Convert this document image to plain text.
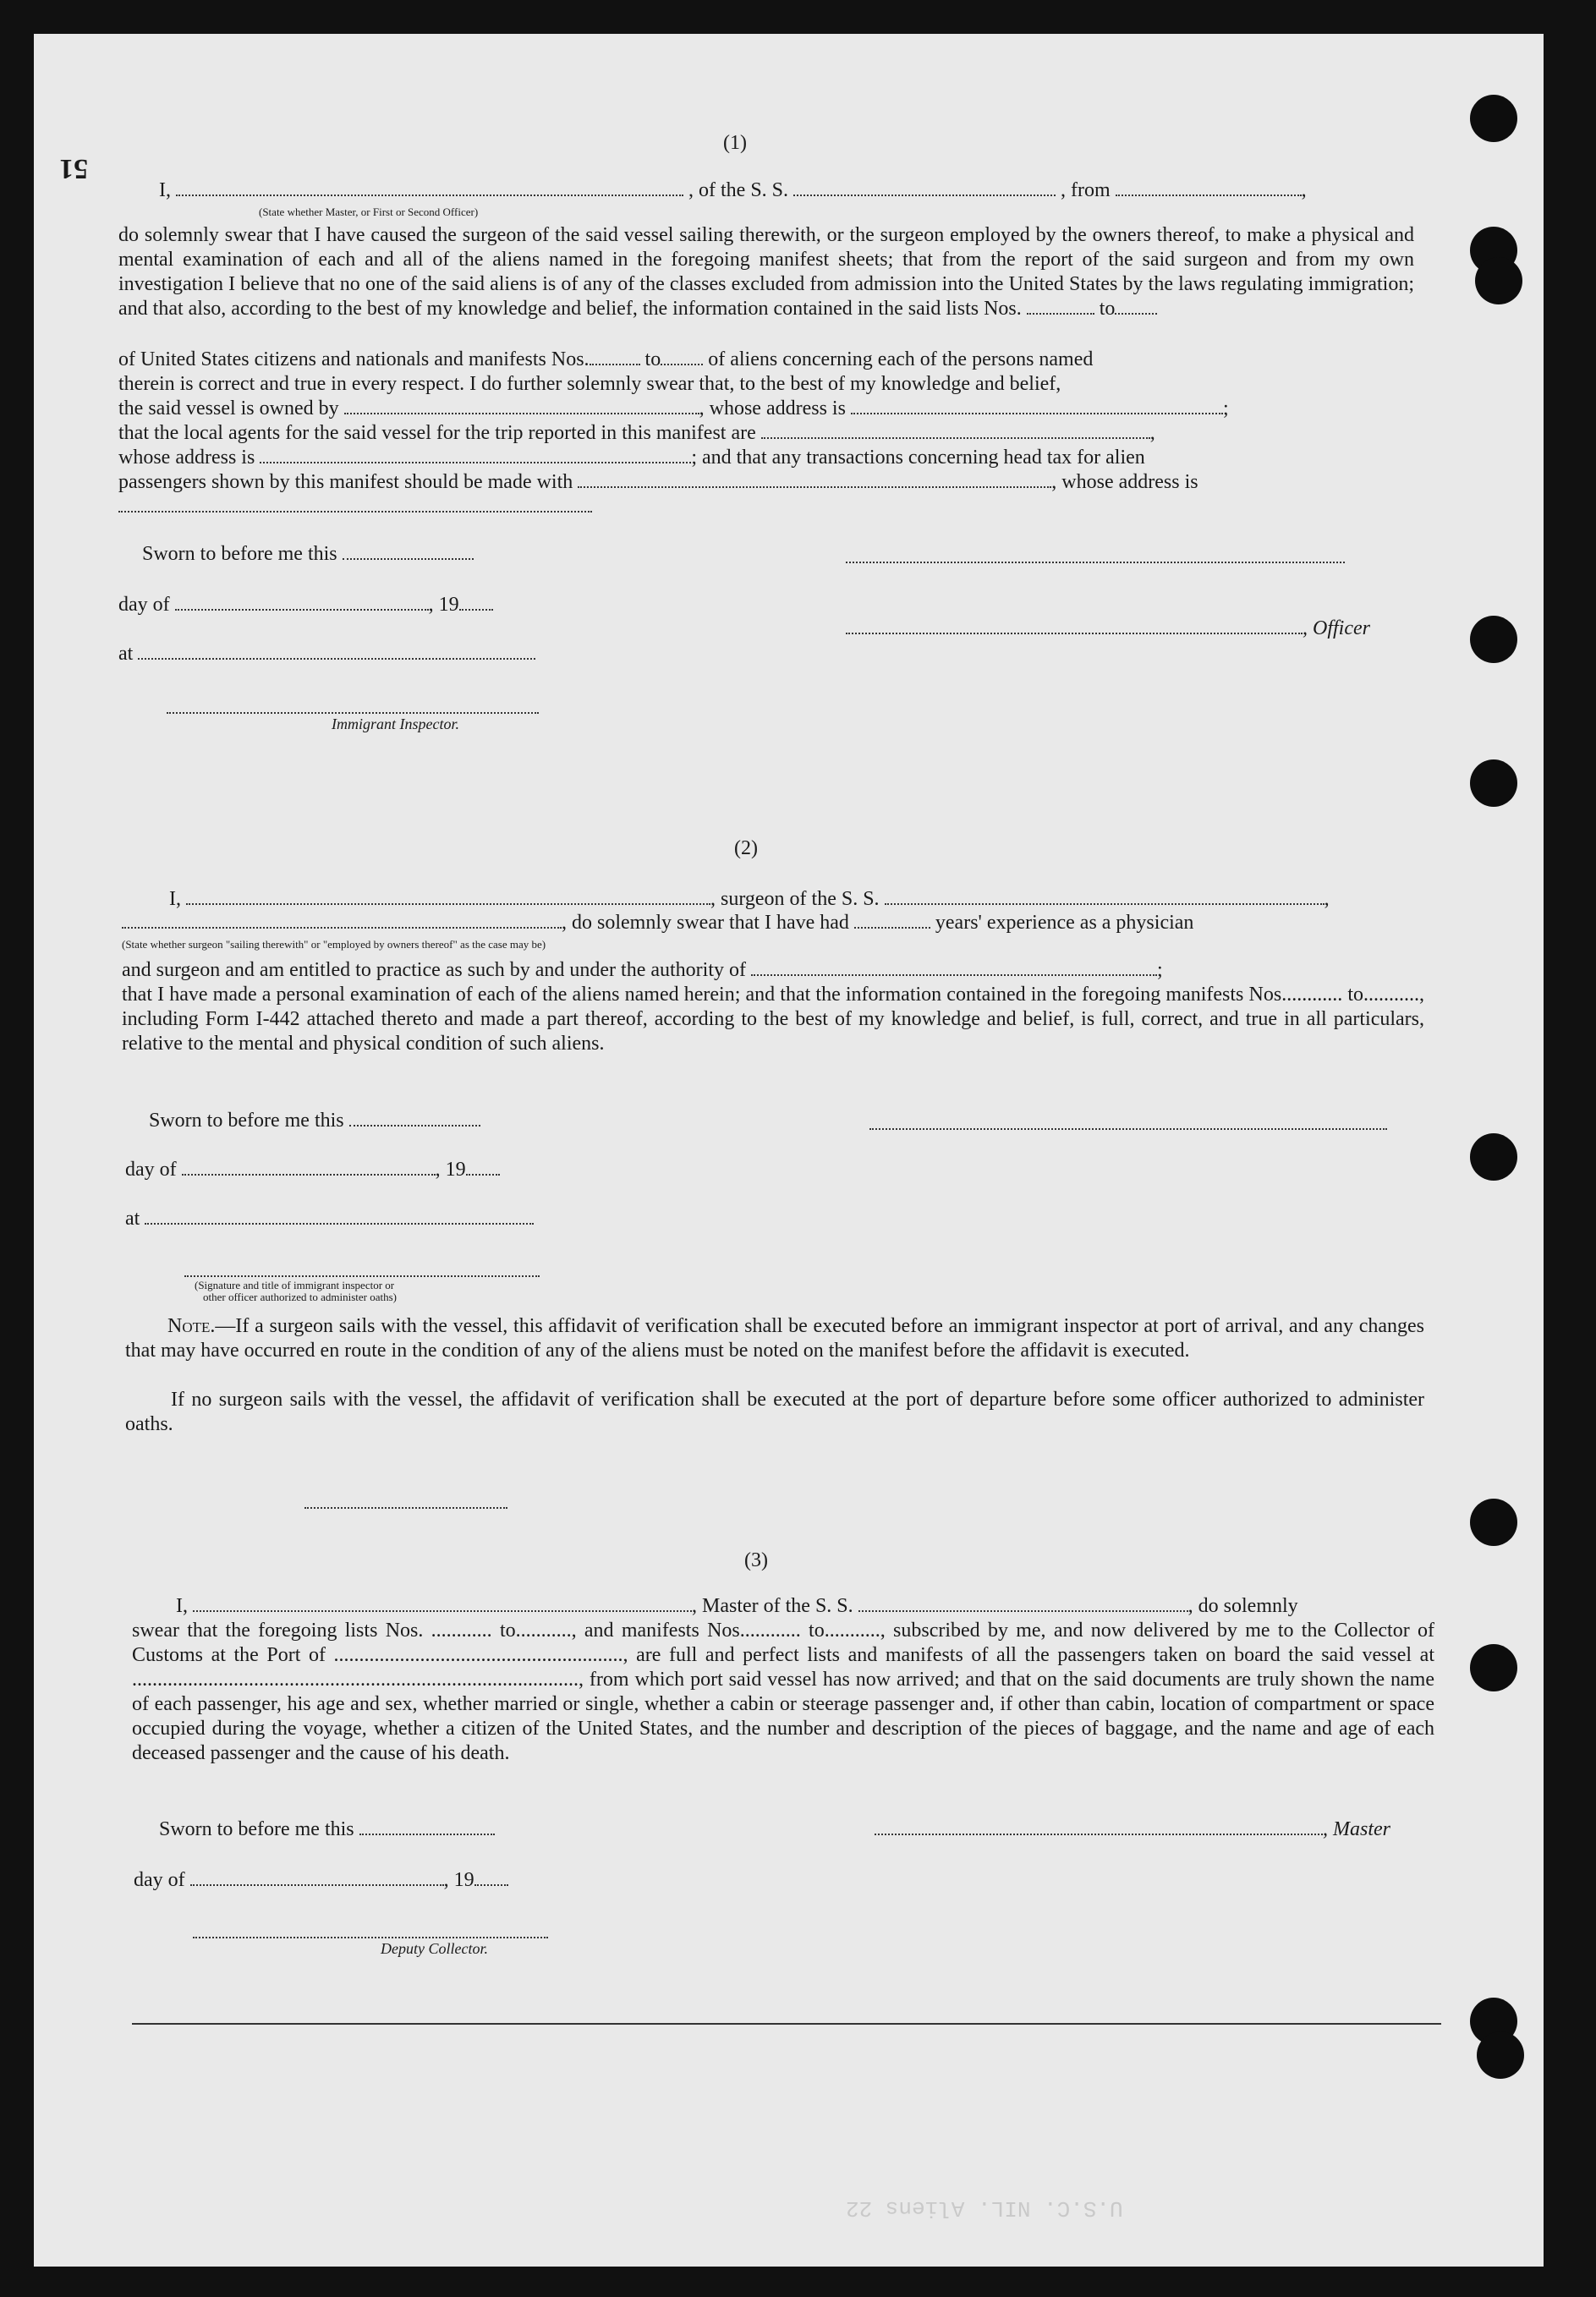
51
(1)
I,	, of the S. S.	, from	,
(State whether Master, or First or Second Officer)
do solemnly swear that I have caused the surgeon of the said vessel sailing therewith, or the surgeon employed by the owners thereof, to make a physical and mental examination of each and all of the aliens named in the foregoing manifest sheets; that from the report of the said surgeon and from my own investigation I believe that no one of the said aliens is of any of the classes excluded from admission into the United States by the laws regulating immigration; and that also, according to the best of my knowledge and belief, the information contained in the said lists Nos.	to
of United States citizens and nationals and manifests Nos.	to of aliens concerning each of the persons named
therein is correct and true in every respect. I do further solemnly swear that, to the best of my knowledge and belief,
the said vessel is owned by	, whose address is	;
that the local agents for the said vessel for the trip reported in this manifest are	,
whose address is	; and that any transactions concerning head tax for alien
passengers shown by this manifest should be made with	, whose address is
Sworn to before me this
day of	, 19
, Officer
at
Immigrant Inspector.
(2)
I,	, surgeon of the S. S.	,
, do solemnly swear that I have had	years' experience as a physician
(State whether surgeon "sailing therewith" or "employed by owners thereof" as the case may be)
and surgeon and am entitled to practice as such by and under the authority of	;
that I have made a personal examination of each of the aliens named herein; and that the information contained in the foregoing manifests Nos............ to..........., including Form I-442 attached thereto and made a part thereof, according to the best of my knowledge and belief, is full, correct, and true in all particulars, relative to the mental and physical condition of such aliens.
Sworn to before me this
day of	, 19
at
(Signature and title of immigrant inspector or
other officer authorized to administer oaths)
Note.—If a surgeon sails with the vessel, this affidavit of verification shall be executed before an immigrant inspector at port of arrival, and any changes that may have occurred en route in the condition of any of the aliens must be noted on the manifest before the affidavit is executed.
If no surgeon sails with the vessel, the affidavit of verification shall be executed at the port of departure before some officer authorized to administer oaths.
(3)
I,	, Master of the S. S.	, do solemnly
swear that the foregoing lists Nos. ............ to..........., and manifests Nos............ to..........., subscribed by me, and now delivered by me to the Collector of Customs at the Port of ........................................................., are full and perfect lists and manifests of all the passengers taken on board the said vessel at ........................................................................................, from which port said vessel has now arrived; and that on the said documents are truly shown the name of each passenger, his age and sex, whether married or single, whether a cabin or steerage passenger and, if other than cabin, location of compartment or space occupied during the voyage, whether a citizen of the United States, and the number and description of the pieces of baggage, and the name and age of each deceased passenger and the cause of his death.
Sworn to before me this	, Master
day of	, 19
Deputy Collector.
U.S.C. NIL. Aliens 22
